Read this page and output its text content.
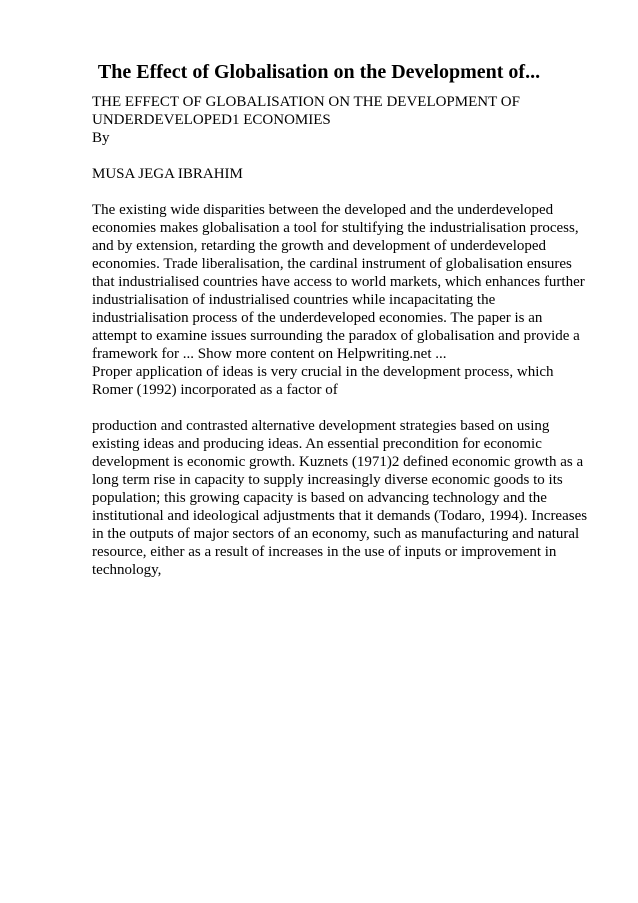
The Effect of Globalisation on the Development of...

THE EFFECT OF GLOBALISATION ON THE DEVELOPMENT OF

UNDERDEVELOPED1 ECONOMIES

By

MUSA JEGA IBRAHIM

The existing wide disparities between the developed and the underdeveloped economies makes globalisation a tool for stultifying the industrialisation process, and by extension, retarding the growth and development of underdeveloped economies. Trade liberalisation, the cardinal instrument of globalisation ensures that industrialised countries have access to world markets, which enhances further industrialisation of industrialised countries while incapacitating the industrialisation process of the underdeveloped economies. The paper is an attempt to examine issues surrounding the paradox of globalisation and provide a framework for ... Show more content on Helpwriting.net ...

Proper application of ideas is very crucial in the development process, which Romer (1992) incorporated as a factor of

production and contrasted alternative development strategies based on using existing ideas and producing ideas. An essential precondition for economic development is economic growth. Kuznets (1971)2 defined economic growth as a long term rise in capacity to supply increasingly diverse economic goods to its population; this growing capacity is based on advancing technology and the institutional and ideological adjustments that it demands (Todaro, 1994). Increases in the outputs of major sectors of an economy, such as manufacturing and natural resource, either as a result of increases in the use of inputs or improvement in technology,
